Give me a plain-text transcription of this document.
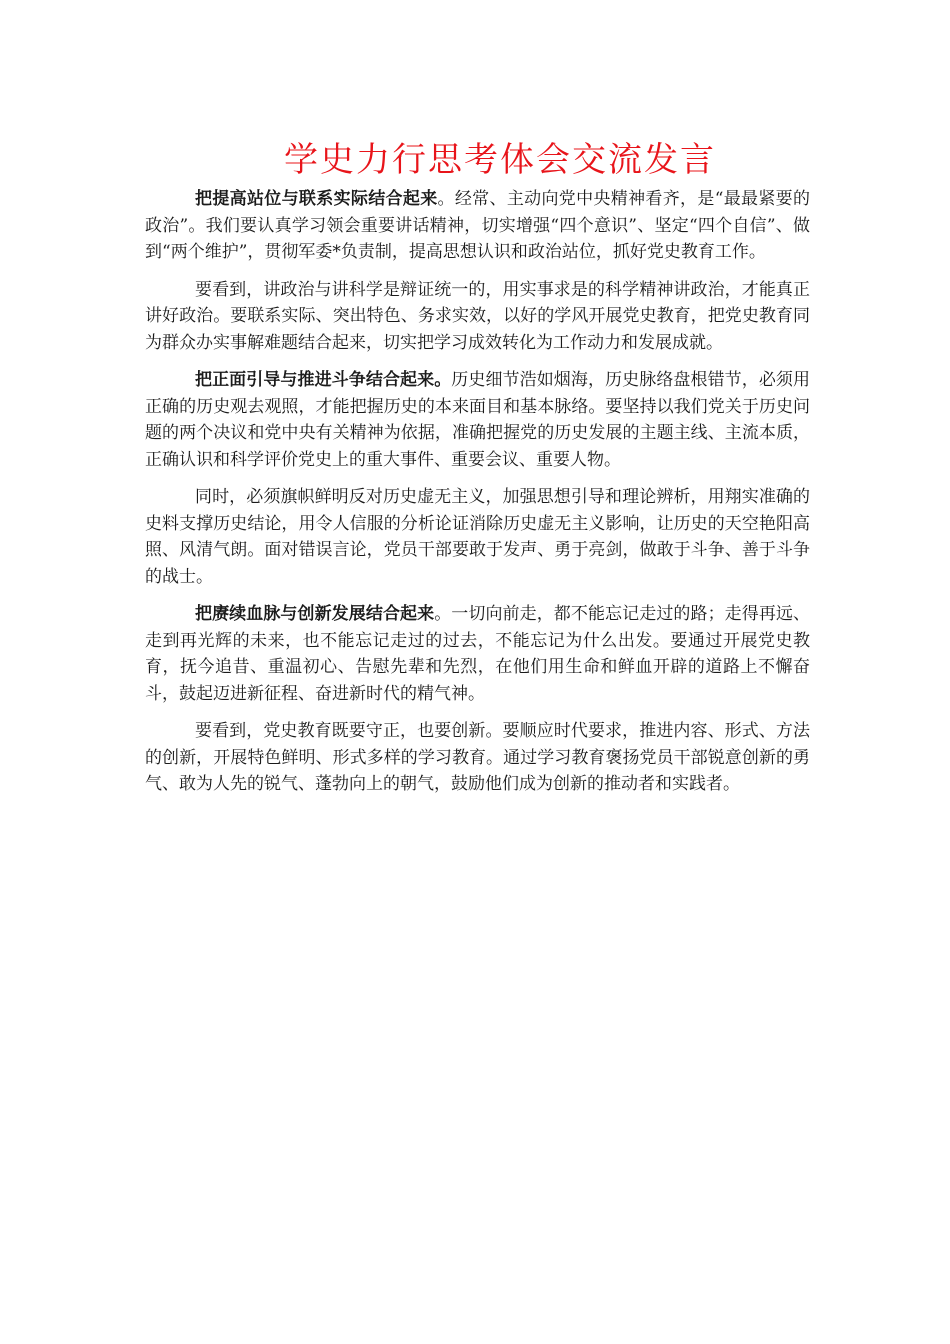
学史力行思考体会交流发言

把提高站位与联系实际结合起来。经常、主动向党中央精神看齐，是“最最紧要的政治”。我们要认真学习领会重要讲话精神，切实增强“四个意识”、坚定“四个自信”、做到“两个维护”，贯彻军委*负责制，提高思想认识和政治站位，抓好党史教育工作。

要看到，讲政治与讲科学是辩证统一的，用实事求是的科学精神讲政治，才能真正讲好政治。要联系实际、突出特色、务求实效，以好的学风开展党史教育，把党史教育同为群众办实事解难题结合起来，切实把学习成效转化为工作动力和发展成就。

把正面引导与推进斗争结合起来。历史细节浩如烟海，历史脉络盘根错节，必须用正确的历史观去观照，才能把握历史的本来面目和基本脉络。要坚持以我们党关于历史问题的两个决议和党中央有关精神为依据，准确把握党的历史发展的主题主线、主流本质，正确认识和科学评价党史上的重大事件、重要会议、重要人物。

同时，必须旗帜鲜明反对历史虚无主义，加强思想引导和理论辨析，用翔实准确的史料支撑历史结论，用令人信服的分析论证消除历史虚无主义影响，让历史的天空艳阳高照、风清气朗。面对错误言论，党员干部要敢于发声、勇于亮剑，做敢于斗争、善于斗争的战士。

把赓续血脉与创新发展结合起来。一切向前走，都不能忘记走过的路；走得再远、走到再光辉的未来，也不能忘记走过的过去，不能忘记为什么出发。要通过开展党史教育，抚今追昔、重温初心、告慰先辈和先烈，在他们用生命和鲜血开辟的道路上不懈奋斗，鼓起迈进新征程、奋进新时代的精气神。

要看到，党史教育既要守正，也要创新。要顺应时代要求，推进内容、形式、方法的创新，开展特色鲜明、形式多样的学习教育。通过学习教育褒扬党员干部锐意创新的勇气、敢为人先的锐气、蓬勃向上的朝气，鼓励他们成为创新的推动者和实践者。
